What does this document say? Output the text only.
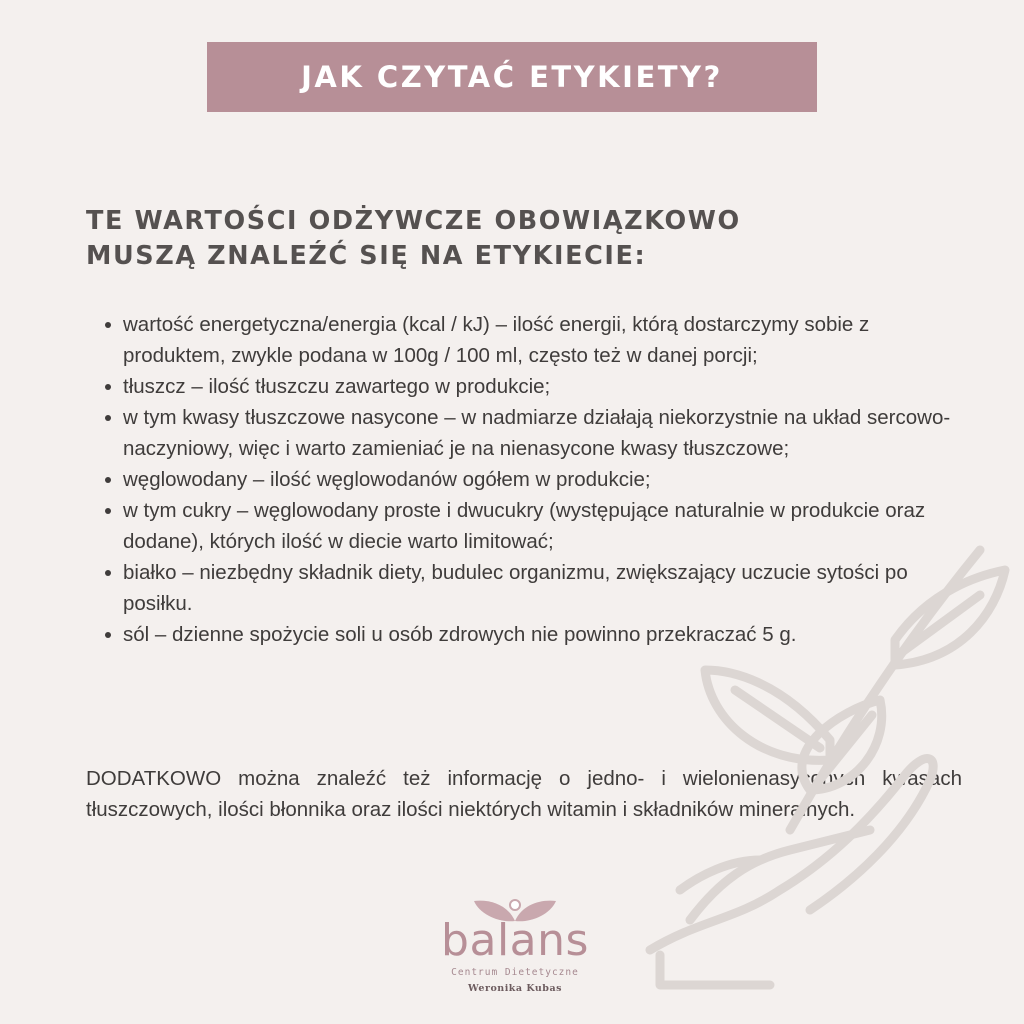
JAK CZYTAĆ ETYKIETY?
TE WARTOŚCI ODŻYWCZE OBOWIĄZKOWO
MUSZĄ ZNALEŹĆ SIĘ NA ETYKIECIE:
wartość energetyczna/energia (kcal / kJ) – ilość energii, którą dostarczymy sobie z produktem, zwykle podana w 100g / 100 ml, często też w danej porcji;
tłuszcz – ilość tłuszczu zawartego w produkcie;
w tym kwasy tłuszczowe nasycone – w nadmiarze działają niekorzystnie na układ sercowo-naczyniowy, więc i warto zamieniać je na nienasycone kwasy tłuszczowe;
węglowodany – ilość węglowodanów ogółem w produkcie;
w tym cukry – węglowodany proste i dwucukry (występujące naturalnie w produkcie oraz dodane), których ilość w diecie warto limitować;
białko – niezbędny składnik diety, budulec organizmu, zwiększający uczucie sytości po posiłku.
sól – dzienne spożycie soli u osób zdrowych nie powinno przekraczać 5 g.
DODATKOWO można znaleźć też informację o jedno- i wielonienasyconych kwasach tłuszczowych, ilości błonnika oraz ilości niektórych witamin i składników mineralnych.
balans
Centrum Dietetyczne
Weronika Kubas
